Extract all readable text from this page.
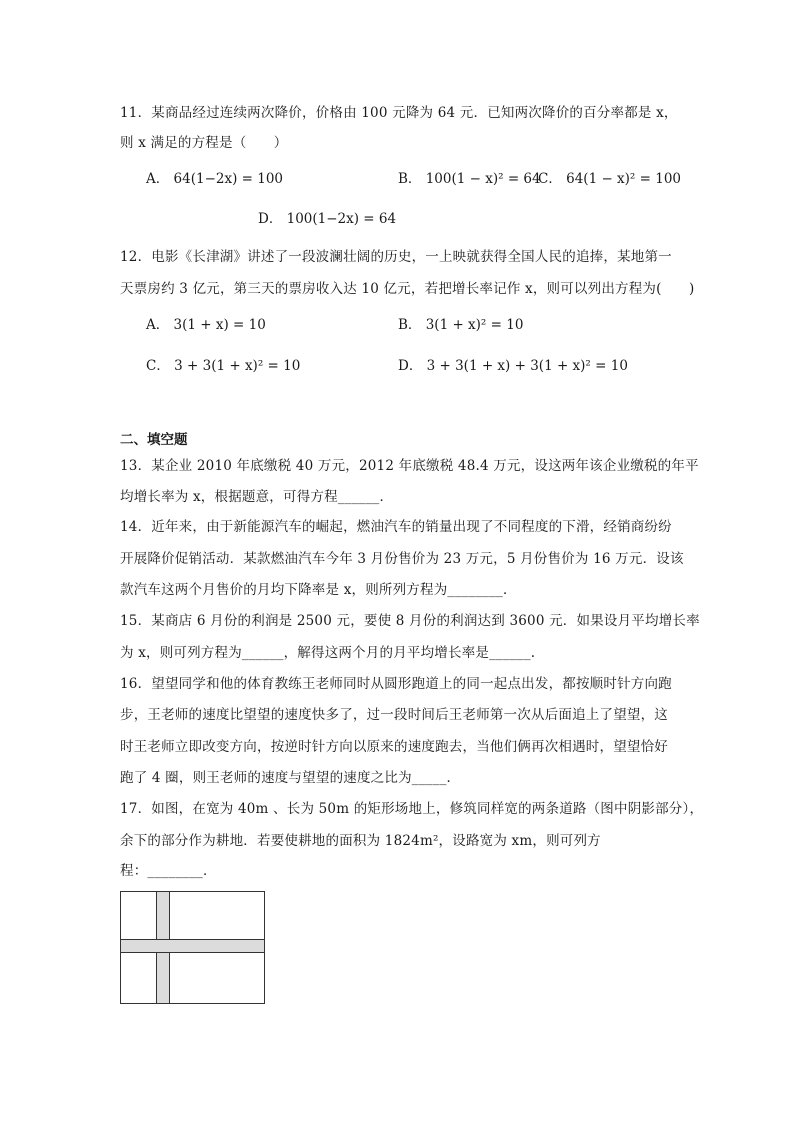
11．某商品经过连续两次降价，价格由 100 元降为 64 元．已知两次降价的百分率都是 x，
则 x 满足的方程是（　　）
A． 64(1−2x) = 100	B． 100(1 − x)² = 64
C． 64(1 − x)² = 100
D． 100(1−2x) = 64
12．电影《长津湖》讲述了一段波澜壮阔的历史，一上映就获得全国人民的追捧，某地第一
天票房约 3 亿元，第三天的票房收入达 10 亿元，若把增长率记作 x，则可以列出方程为(　　)
A． 3(1 + x) = 10	B． 3(1 + x)² = 10
C． 3 + 3(1 + x)² = 10	D． 3 + 3(1 + x) + 3(1 + x)² = 10
二、填空题
13．某企业 2010 年底缴税 40 万元，2012 年底缴税 48.4 万元，设这两年该企业缴税的年平
均增长率为 x，根据题意，可得方程______．
14．近年来，由于新能源汽车的崛起，燃油汽车的销量出现了不同程度的下滑，经销商纷纷
开展降价促销活动．某款燃油汽车今年 3 月份售价为 23 万元，5 月份售价为 16 万元．设该
款汽车这两个月售价的月均下降率是 x，则所列方程为________．
15．某商店 6 月份的利润是 2500 元，要使 8 月份的利润达到 3600 元．如果设月平均增长率
为 x，则可列方程为______，解得这两个月的月平均增长率是______.
16．望望同学和他的体育教练王老师同时从圆形跑道上的同一起点出发，都按顺时针方向跑
步，王老师的速度比望望的速度快多了，过一段时间后王老师第一次从后面追上了望望，这
时王老师立即改变方向，按逆时针方向以原来的速度跑去，当他们俩再次相遇时，望望恰好
跑了 4 圈，则王老师的速度与望望的速度之比为_____．
17．如图，在宽为 40m 、长为 50m 的矩形场地上，修筑同样宽的两条道路（图中阴影部分），
余下的部分作为耕地．若要使耕地的面积为 1824m²，设路宽为 xm，则可列方
程：________．
